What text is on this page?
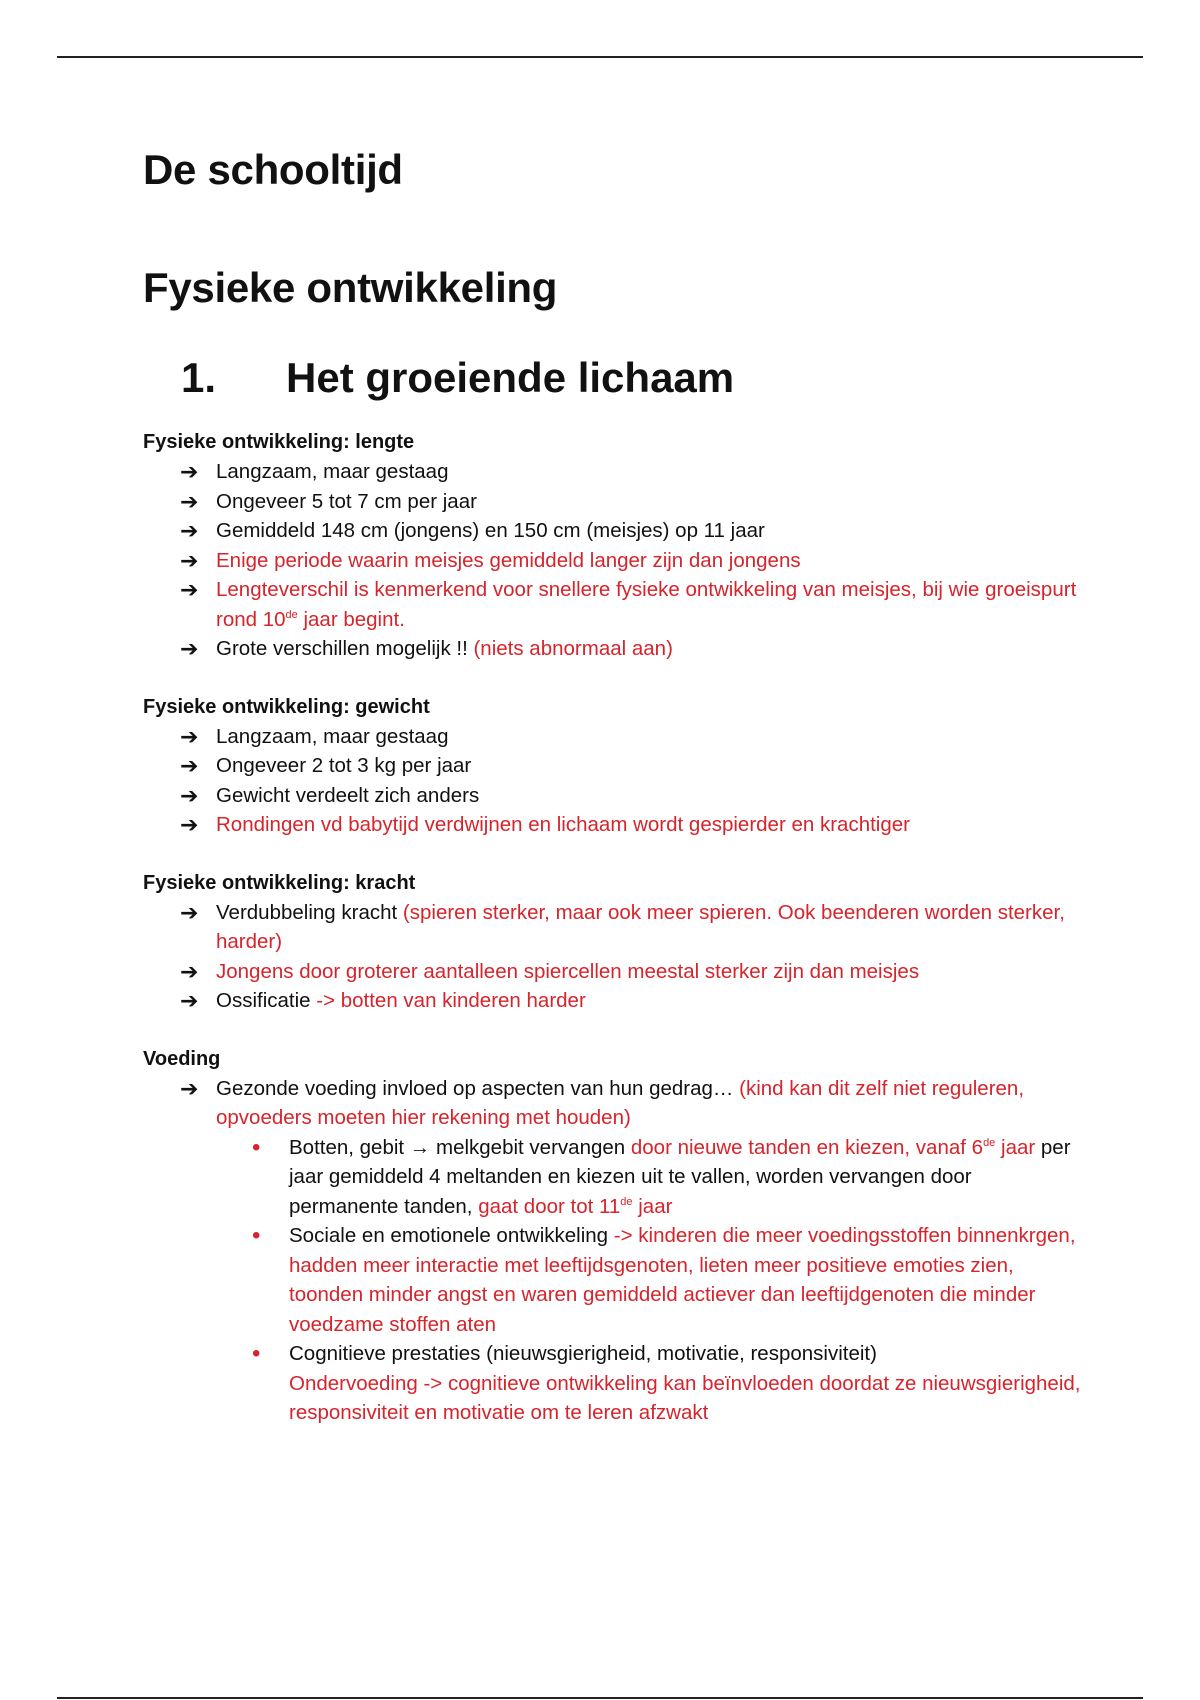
De schooltijd
Fysieke ontwikkeling
1.	Het groeiende lichaam
Fysieke ontwikkeling: lengte
➔ Langzaam, maar gestaag
➔ Ongeveer 5 tot 7 cm per jaar
➔ Gemiddeld 148 cm (jongens) en 150 cm (meisjes) op 11 jaar
➔ Enige periode waarin meisjes gemiddeld langer zijn dan jongens
➔ Lengteverschil is kenmerkend voor snellere fysieke ontwikkeling van meisjes, bij wie groeispurt rond 10de jaar begint.
➔ Grote verschillen mogelijk !! (niets abnormaal aan)
Fysieke ontwikkeling: gewicht
➔ Langzaam, maar gestaag
➔ Ongeveer 2 tot 3 kg per jaar
➔ Gewicht verdeelt zich anders
➔ Rondingen vd babytijd verdwijnen en lichaam wordt gespierder en krachtiger
Fysieke ontwikkeling: kracht
➔ Verdubbeling kracht (spieren sterker, maar ook meer spieren. Ook beenderen worden sterker, harder)
➔ Jongens door groterer aantalleen spiercellen meestal sterker zijn dan meisjes
➔ Ossificatie -> botten van kinderen harder
Voeding
➔ Gezonde voeding invloed op aspecten van hun gedrag… (kind kan dit zelf niet reguleren, opvoeders moeten hier rekening met houden)
• Botten, gebit → melkgebit vervangen door nieuwe tanden en kiezen, vanaf 6de jaar per jaar gemiddeld 4 meltanden en kiezen uit te vallen, worden vervangen door permanente tanden, gaat door tot 11de jaar
• Sociale en emotionele ontwikkeling -> kinderen die meer voedingsstoffen binnenkrgen, hadden meer interactie met leeftijdsgenoten, lieten meer positieve emoties zien, toonden minder angst en waren gemiddeld actiever dan leeftijdgenoten die minder voedzame stoffen aten
• Cognitieve prestaties (nieuwsgierigheid, motivatie, responsiviteit)
Ondervoeding -> cognitieve ontwikkeling kan beïnvloeden doordat ze nieuwsgierigheid, responsiviteit en motivatie om te leren afzwakt
